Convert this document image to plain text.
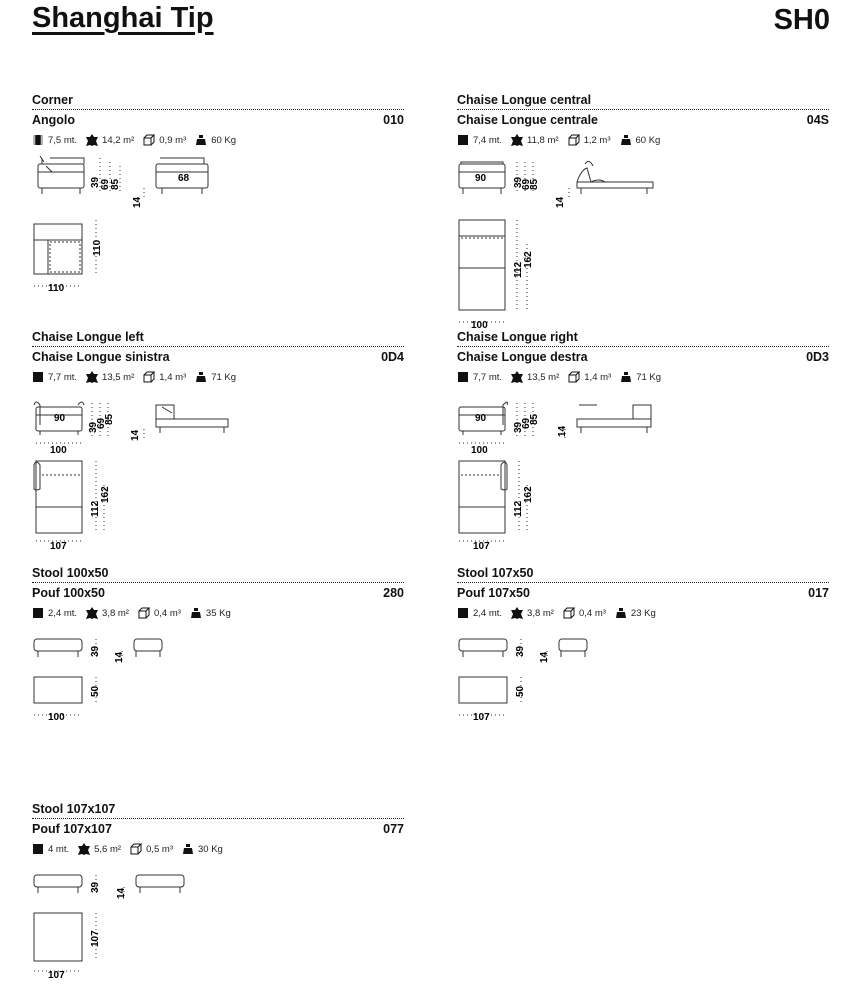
Shanghai Tip	SH0
Corner
Angolo	010
7,5 mt.	14,2 m²	0,9 m³	60 Kg
39 69 85
14
68
110
110
Chaise Longue central
Chaise Longue centrale	04S
7,4 mt.	11,8 m²	1,2 m³	60 Kg
90	39
69
85
14
112
162
100
Chaise Longue left
Chaise Longue sinistra	0D4
7,7 mt.	13,5 m²	1,4 m³	71 Kg
90
39
69
85
14
100
112
162
107
Chaise Longue right
Chaise Longue destra	0D3
7,7 mt.	13,5 m²	1,4 m³	71 Kg
90
39
69
85
14
100
112
162
107
Stool 100x50
Pouf 100x50	280
2,4 mt.	3,8 m²	0,4 m³	35 Kg
39
14
50
100
Stool 107x50
Pouf 107x50	017
2,4 mt.	3,8 m²	0,4 m³	23 Kg
39
14
50
107
Stool 107x107
Pouf 107x107	077
4 mt.	5,6 m²	0,5 m³	30 Kg
39
14
107
107
